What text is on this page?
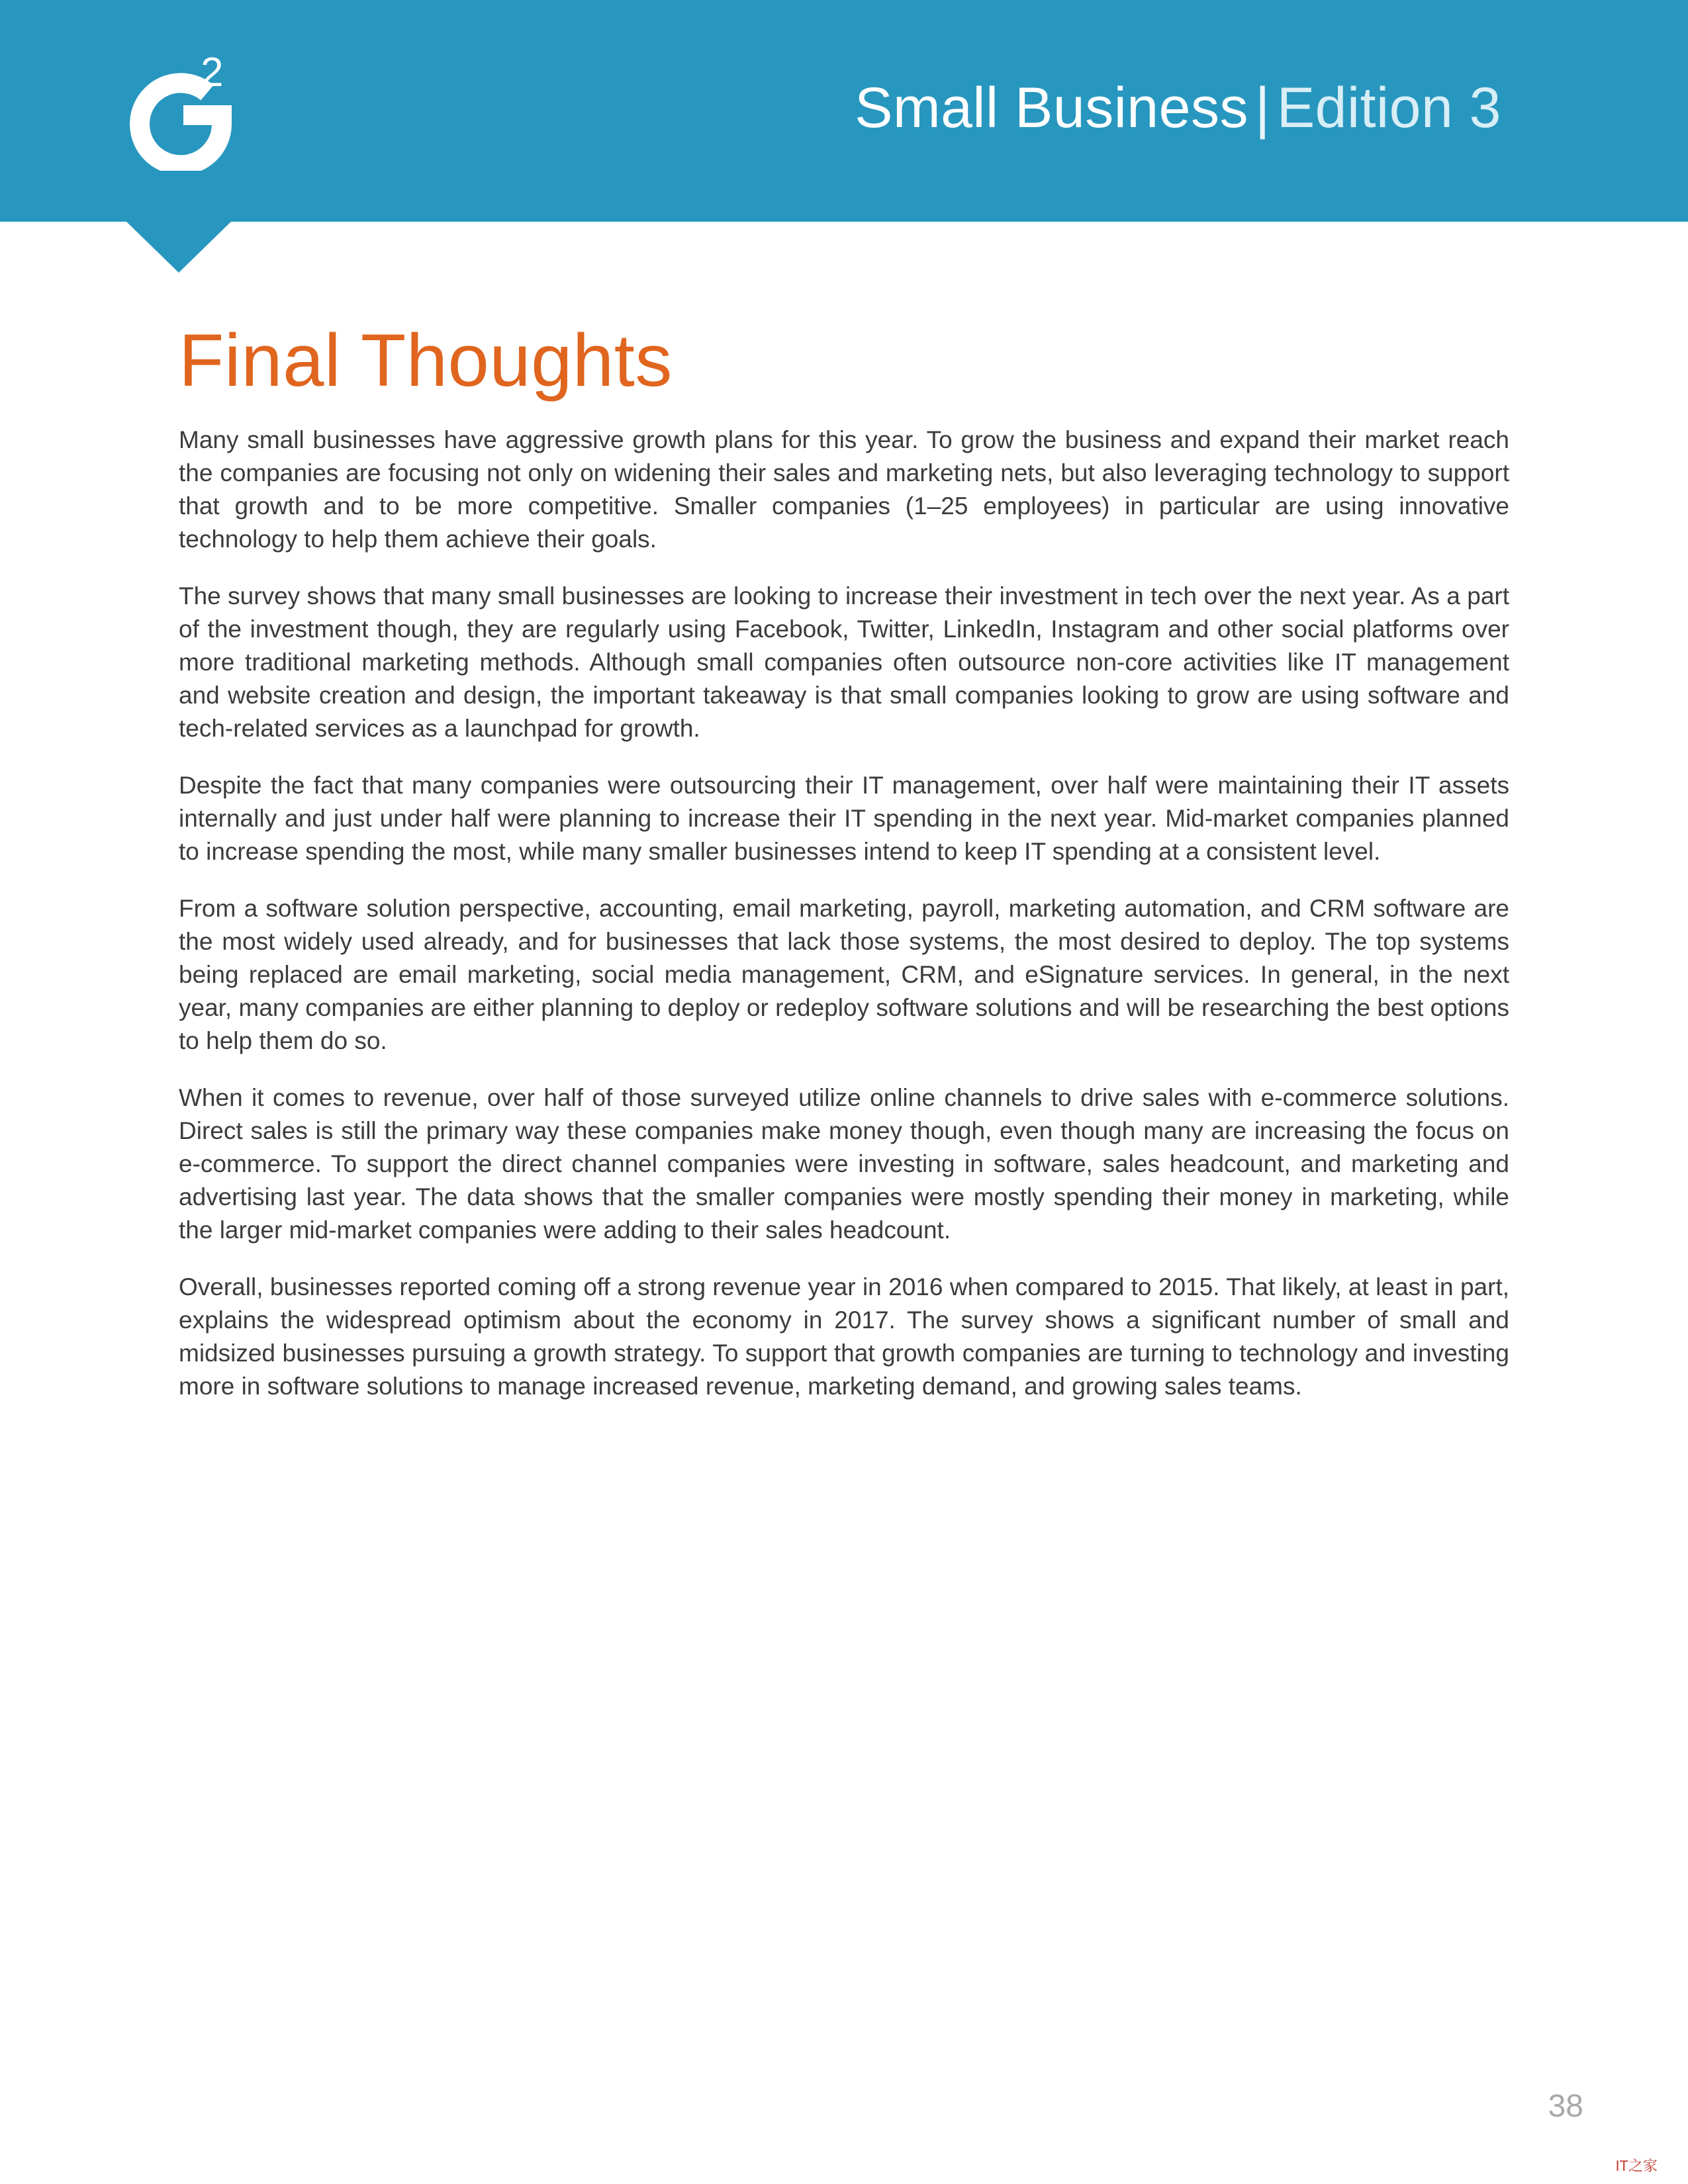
2
Small Business | Edition 3
Final Thoughts

Many small businesses have aggressive growth plans for this year. To grow the business and expand their market reach the companies are focusing not only on widening their sales and marketing nets, but also leveraging technology to support that growth and to be more competitive. Smaller companies (1–25 employees) in particular are using innovative technology to help them achieve their goals.

The survey shows that many small businesses are looking to increase their investment in tech over the next year. As a part of the investment though, they are regularly using Facebook, Twitter, LinkedIn, Instagram and other social platforms over more traditional marketing methods. Although small companies often outsource non-core activities like IT management and website creation and design, the important takeaway is that small companies looking to grow are using software and tech-related services as a launchpad for growth.

Despite the fact that many companies were outsourcing their IT management, over half were maintaining their IT assets internally and just under half were planning to increase their IT spending in the next year. Mid-market companies planned to increase spending the most, while many smaller businesses intend to keep IT spending at a consistent level.

From a software solution perspective, accounting, email marketing, payroll, marketing automation, and CRM software are the most widely used already, and for businesses that lack those systems, the most desired to deploy. The top systems being replaced are email marketing, social media management, CRM, and eSignature services. In general, in the next year, many companies are either planning to deploy or redeploy software solutions and will be researching the best options to help them do so.

When it comes to revenue, over half of those surveyed utilize online channels to drive sales with e-commerce solutions. Direct sales is still the primary way these companies make money though, even though many are increasing the focus on e-commerce. To support the direct channel companies were investing in software, sales headcount, and marketing and advertising last year. The data shows that the smaller companies were mostly spending their money in marketing, while the larger mid-market companies were adding to their sales headcount.

Overall, businesses reported coming off a strong revenue year in 2016 when compared to 2015. That likely, at least in part, explains the widespread optimism about the economy in 2017. The survey shows a significant number of small and midsized businesses pursuing a growth strategy. To support that growth companies are turning to technology and investing more in software solutions to manage increased revenue, marketing demand, and growing sales teams.

38
IT之家
